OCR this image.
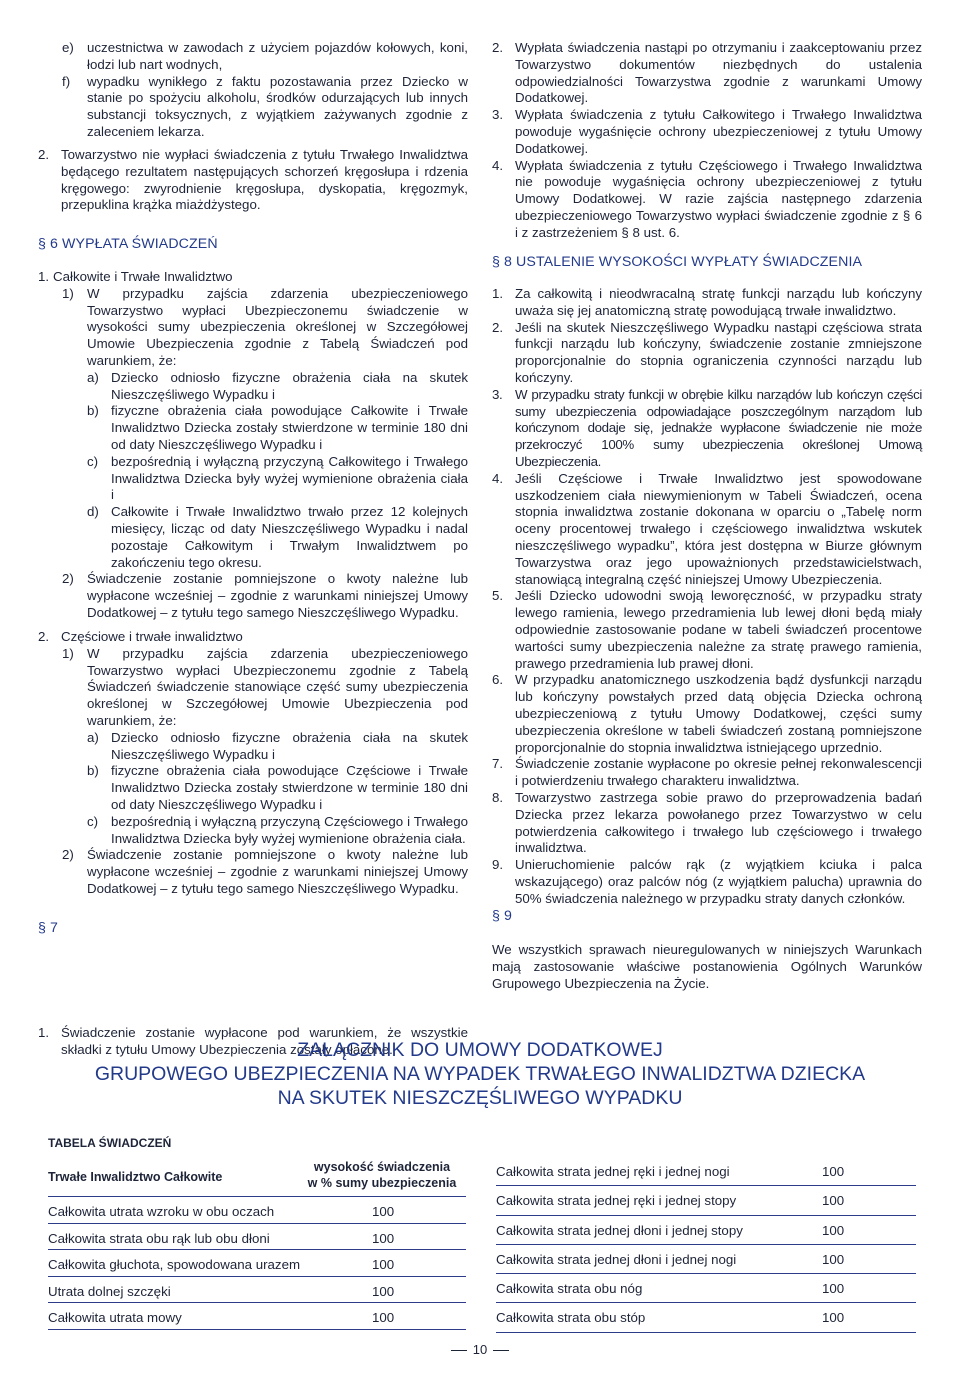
e) uczestnictwa w zawodach z użyciem pojazdów kołowych, koni, łodzi lub nart wodnych,
f) wypadku wynikłego z faktu pozostawania przez Dziecko w stanie po spożyciu alkoholu, środków odurzających lub innych substancji toksycznych, z wyjątkiem zażywanych zgodnie z zaleceniem lekarza.
2. Towarzystwo nie wypłaci świadczenia z tytułu Trwałego Inwalidztwa będącego rezultatem następujących schorzeń kręgosłupa i rdzenia kręgowego: zwyrodnienie kręgosłupa, dyskopatia, kręgozmyk, przepuklina krążka miażdżystego.
§ 6 WYPŁATA ŚWIADCZEŃ
1. Całkowite i Trwałe Inwalidztwo
1) W przypadku zajścia zdarzenia ubezpieczeniowego Towarzystwo wypłaci Ubezpieczonemu świadczenie w wysokości sumy ubezpieczenia określonej w Szczegółowej Umowie Ubezpieczenia zgodnie z Tabelą Świadczeń pod warunkiem, że:
a) Dziecko odniosło fizyczne obrażenia ciała na skutek Nieszczęśliwego Wypadku i
b) fizyczne obrażenia ciała powodujące Całkowite i Trwałe Inwalidztwo Dziecka zostały stwierdzone w terminie 180 dni od daty Nieszczęśliwego Wypadku i
c) bezpośrednią i wyłączną przyczyną Całkowitego i Trwałego Inwalidztwa Dziecka były wyżej wymienione obrażenia ciała i
d) Całkowite i Trwałe Inwalidztwo trwało przez 12 kolejnych miesięcy, licząc od daty Nieszczęśliwego Wypadku i nadal pozostaje Całkowitym i Trwałym Inwalidztwem po zakończeniu tego okresu.
2) Świadczenie zostanie pomniejszone o kwoty należne lub wypłacone wcześniej – zgodnie z warunkami niniejszej Umowy Dodatkowej – z tytułu tego samego Nieszczęśliwego Wypadku.
2. Częściowe i trwałe inwalidztwo
1) W przypadku zajścia zdarzenia ubezpieczeniowego Towarzystwo wypłaci Ubezpieczonemu zgodnie z Tabelą Świadczeń świadczenie stanowiące część sumy ubezpieczenia określonej w Szczegółowej Umowie Ubezpieczenia pod warunkiem, że:
a) Dziecko odniosło fizyczne obrażenia ciała na skutek Nieszczęśliwego Wypadku i
b) fizyczne obrażenia ciała powodujące Częściowe i Trwałe Inwalidztwo Dziecka zostały stwierdzone w terminie 180 dni od daty Nieszczęśliwego Wypadku i
c) bezpośrednią i wyłączną przyczyną Częściowego i Trwałego Inwalidztwa Dziecka były wyżej wymienione obrażenia ciała.
2) Świadczenie zostanie pomniejszone o kwoty należne lub wypłacone wcześniej – zgodnie z warunkami niniejszej Umowy Dodatkowej – z tytułu tego samego Nieszczęśliwego Wypadku.
§ 7
1. Świadczenie zostanie wypłacone pod warunkiem, że wszystkie składki z tytułu Umowy Ubezpieczenia zostały opłacone.
2. Wypłata świadczenia nastąpi po otrzymaniu i zaakceptowaniu przez Towarzystwo dokumentów niezbędnych do ustalenia odpowiedzialności Towarzystwa zgodnie z warunkami Umowy Dodatkowej.
3. Wypłata świadczenia z tytułu Całkowitego i Trwałego Inwalidztwa powoduje wygaśnięcie ochrony ubezpieczeniowej z tytułu Umowy Dodatkowej.
4. Wypłata świadczenia z tytułu Częściowego i Trwałego Inwalidztwa nie powoduje wygaśnięcia ochrony ubezpieczeniowej z tytułu Umowy Dodatkowej. W razie zajścia następnego zdarzenia ubezpieczeniowego Towarzystwo wypłaci świadczenie zgodnie z § 6 i z zastrzeżeniem § 8 ust. 6.
§ 8 USTALENIE WYSOKOŚCI WYPŁATY ŚWIADCZENIA
1. Za całkowitą i nieodwracalną stratę funkcji narządu lub kończyny uważa się jej anatomiczną stratę powodującą trwałe inwalidztwo.
2. Jeśli na skutek Nieszczęśliwego Wypadku nastąpi częściowa strata funkcji narządu lub kończyny, świadczenie zostanie zmniejszone proporcjonalnie do stopnia ograniczenia czynności narządu lub kończyny.
3. W przypadku straty funkcji w obrębie kilku narządów lub kończyn części sumy ubezpieczenia odpowiadające poszczególnym narządom lub kończynom dodaje się, jednakże wypłacone świadczenie nie może przekroczyć 100% sumy ubezpieczenia określonej Umową Ubezpieczenia.
4. Jeśli Częściowe i Trwałe Inwalidztwo jest spowodowane uszkodzeniem ciała niewymienionym w Tabeli Świadczeń, ocena stopnia inwalidztwa zostanie dokonana w oparciu o „Tabelę norm oceny procentowej trwałego i częściowego inwalidztwa wskutek nieszczęśliwego wypadku”, która jest dostępna w Biurze głównym Towarzystwa oraz jego upoważnionych przedstawicielstwach, stanowiącą integralną część niniejszej Umowy Ubezpieczenia.
5. Jeśli Dziecko udowodni swoją leworęczność, w przypadku straty lewego ramienia, lewego przedramienia lub lewej dłoni będą miały odpowiednie zastosowanie podane w tabeli świadczeń procentowe wartości sumy ubezpieczenia należne za stratę prawego ramienia, prawego przedramienia lub prawej dłoni.
6. W przypadku anatomicznego uszkodzenia bądź dysfunkcji narządu lub kończyny powstałych przed datą objęcia Dziecka ochroną ubezpieczeniową z tytułu Umowy Dodatkowej, części sumy ubezpieczenia określone w tabeli świadczeń zostaną pomniejszone proporcjonalnie do stopnia inwalidztwa istniejącego uprzednio.
7. Świadczenie zostanie wypłacone po okresie pełnej rekonwalescencji i potwierdzeniu trwałego charakteru inwalidztwa.
8. Towarzystwo zastrzega sobie prawo do przeprowadzenia badań Dziecka przez lekarza powołanego przez Towarzystwo w celu potwierdzenia całkowitego i trwałego lub częściowego i trwałego inwalidztwa.
9. Unieruchomienie palców rąk (z wyjątkiem kciuka i palca wskazującego) oraz palców nóg (z wyjątkiem palucha) uprawnia do 50% świadczenia należnego w przypadku straty danych członków.
§ 9
We wszystkich sprawach nieuregulowanych w niniejszych Warunkach mają zastosowanie właściwe postanowienia Ogólnych Warunków Grupowego Ubezpieczenia na Życie.
ZAŁĄCZNIK DO UMOWY DODATKOWEJ
GRUPOWEGO UBEZPIECZENIA NA WYPADEK TRWAŁEGO INWALIDZTWA DZIECKA
NA SKUTEK NIESZCZĘŚLIWEGO WYPADKU
TABELA ŚWIADCZEŃ
Trwałe Inwalidztwo Całkowite
wysokość świadczenia
w % sumy ubezpieczenia
Całkowita utrata wzroku w obu oczach	100
Całkowita strata obu rąk lub obu dłoni	100
Całkowita głuchota, spowodowana urazem	100
Utrata dolnej szczęki	100
Całkowita utrata mowy	100
Całkowita strata jednej ręki i jednej nogi	100
Całkowita strata jednej ręki i jednej stopy	100
Całkowita strata jednej dłoni i jednej stopy	100
Całkowita strata jednej dłoni i jednej nogi	100
Całkowita strata obu nóg	100
Całkowita strata obu stóp	100
10
